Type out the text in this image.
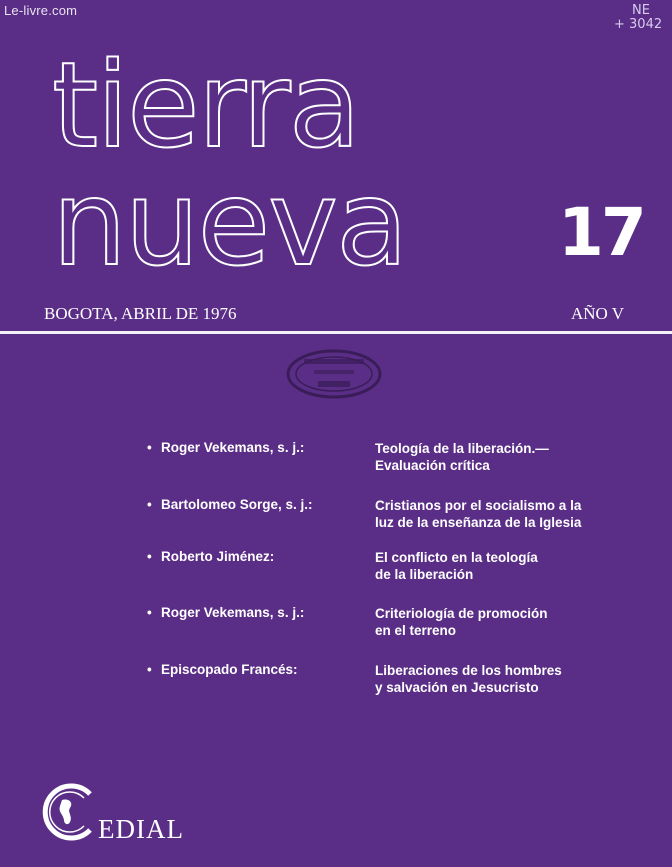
Le-livre.com	NE
+ 3042
tierra
nueva 17
BOGOTA, ABRIL DE 1976	AÑO V
• Roger Vekemans, s. j.:	Teología de la liberación.—
Evaluación crítica
• Bartolomeo Sorge, s. j.:	Cristianos por el socialismo a la
luz de la enseñanza de la Iglesia
• Roberto Jiménez:	El conflicto en la teología
de la liberación
• Roger Vekemans, s. j.:	Criteriología de promoción
en el terreno
• Episcopado Francés:	Liberaciones de los hombres
y salvación en Jesucristo
EDIAL
